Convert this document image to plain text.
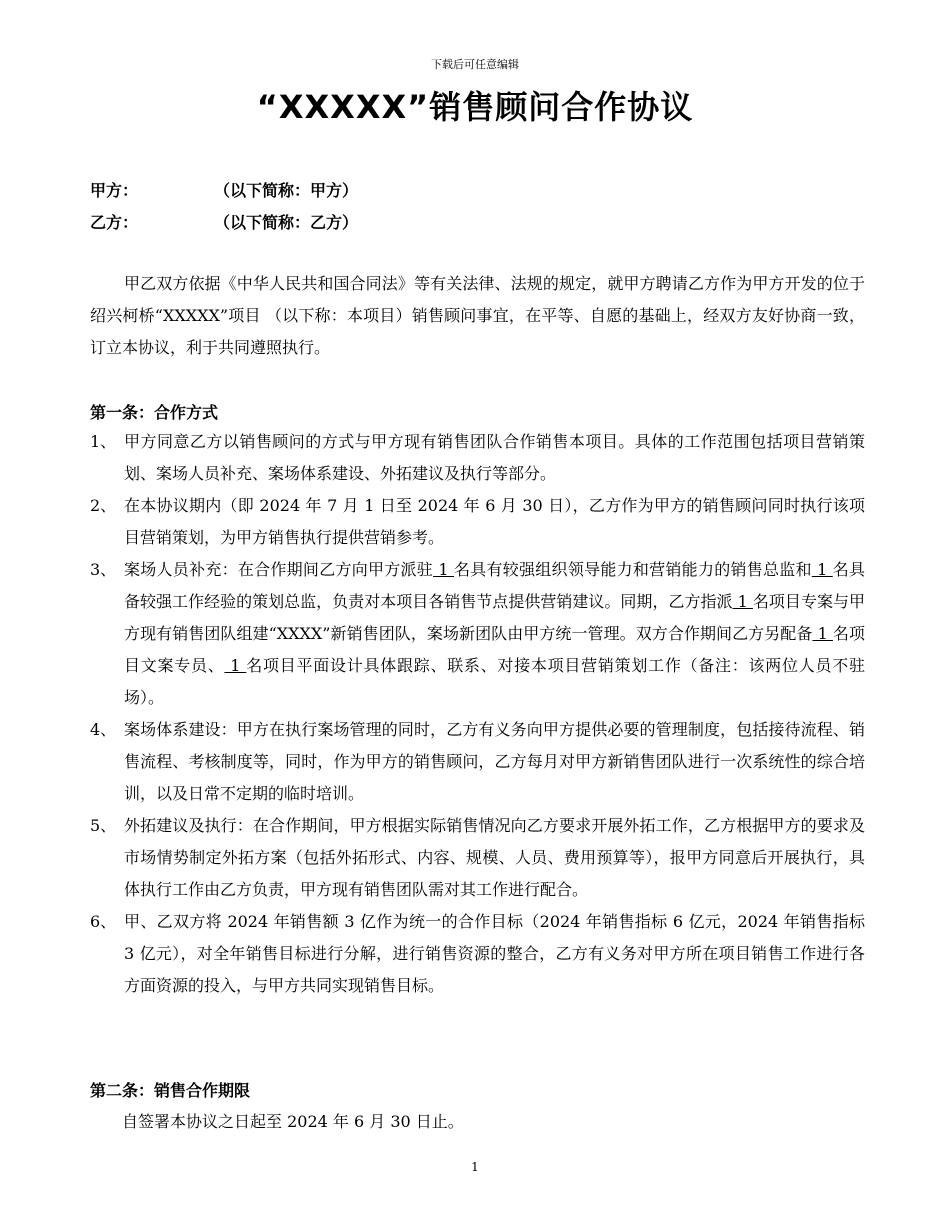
下载后可任意编辑
“XXXXX”销售顾问合作协议
甲方：	（以下简称：甲方）
乙方：	（以下简称：乙方）
甲乙双方依据《中华人民共和国合同法》等有关法律、法规的规定，就甲方聘请乙方作为甲方开发的位于绍兴柯桥“XXXXX”项目 （以下称：本项目）销售顾问事宜，在平等、自愿的基础上，经双方友好协商一致，订立本协议，利于共同遵照执行。
第一条：合作方式
1、 甲方同意乙方以销售顾问的方式与甲方现有销售团队合作销售本项目。具体的工作范围包括项目营销策划、案场人员补充、案场体系建设、外拓建议及执行等部分。
2、 在本协议期内（即 2024 年 7 月 1 日至 2024 年 6 月 30 日），乙方作为甲方的销售顾问同时执行该项目营销策划，为甲方销售执行提供营销参考。
3、 案场人员补充：在合作期间乙方向甲方派驻 1 名具有较强组织领导能力和营销能力的销售总监和 1 名具备较强工作经验的策划总监，负责对本项目各销售节点提供营销建议。同期，乙方指派 1 名项目专案与甲方现有销售团队组建“XXXX”新销售团队，案场新团队由甲方统一管理。双方合作期间乙方另配备 1 名项目文案专员、 1 名项目平面设计具体跟踪、联系、对接本项目营销策划工作（备注：该两位人员不驻场）。
4、 案场体系建设：甲方在执行案场管理的同时，乙方有义务向甲方提供必要的管理制度，包括接待流程、销售流程、考核制度等，同时，作为甲方的销售顾问，乙方每月对甲方新销售团队进行一次系统性的综合培训，以及日常不定期的临时培训。
5、 外拓建议及执行：在合作期间，甲方根据实际销售情况向乙方要求开展外拓工作，乙方根据甲方的要求及市场情势制定外拓方案（包括外拓形式、内容、规模、人员、费用预算等），报甲方同意后开展执行，具体执行工作由乙方负责，甲方现有销售团队需对其工作进行配合。
6、 甲、乙双方将 2024 年销售额 3 亿作为统一的合作目标（2024 年销售指标 6 亿元，2024 年销售指标 3 亿元），对全年销售目标进行分解，进行销售资源的整合，乙方有义务对甲方所在项目销售工作进行各方面资源的投入，与甲方共同实现销售目标。
第二条：销售合作期限
自签署本协议之日起至 2024 年 6 月 30 日止。
1
